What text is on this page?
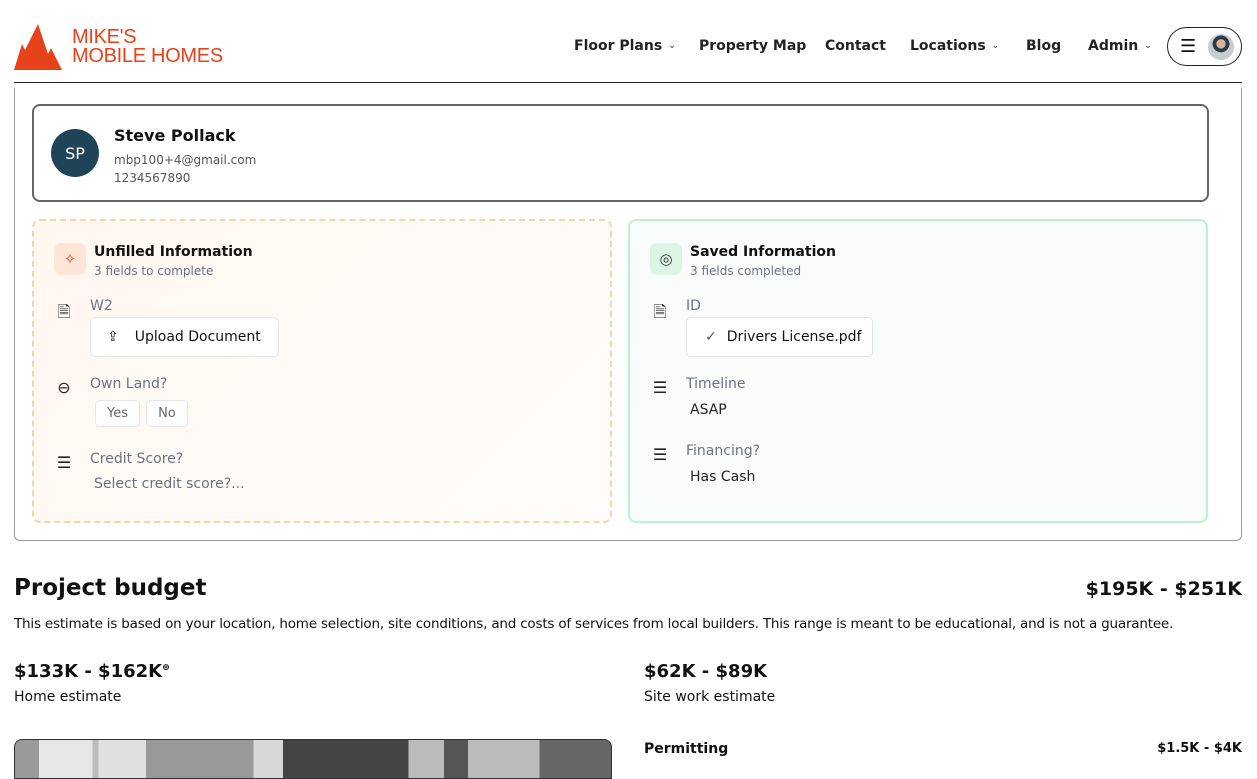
MIKE'S
MOBILE HOMES	Floor Plans ⌄ Property Map Contact Locations ⌄ Blog Admin ⌄ ☰
SP
Steve Pollack
mbp100+4@gmail.com
1234567890
✧	Unfilled Information
3 fields to complete
🗎 W2
⇪ Upload Document
⊖ Own Land?
Yes	No
☰ Credit Score?
Select credit score?...
◎	Saved Information
3 fields completed
🗎 ID
✓ Drivers License.pdf
☰ Timeline
ASAP
☰ Financing?
Has Cash
Project budget	$195K - $251K
This estimate is based on your location, home selection, site conditions, and costs of services from local builders. This range is meant to be educational, and is not a guarantee.
$133K - $162K⊛
Home estimate
$62K - $89K
Site work estimate
Permitting	$1.5K - $4K
